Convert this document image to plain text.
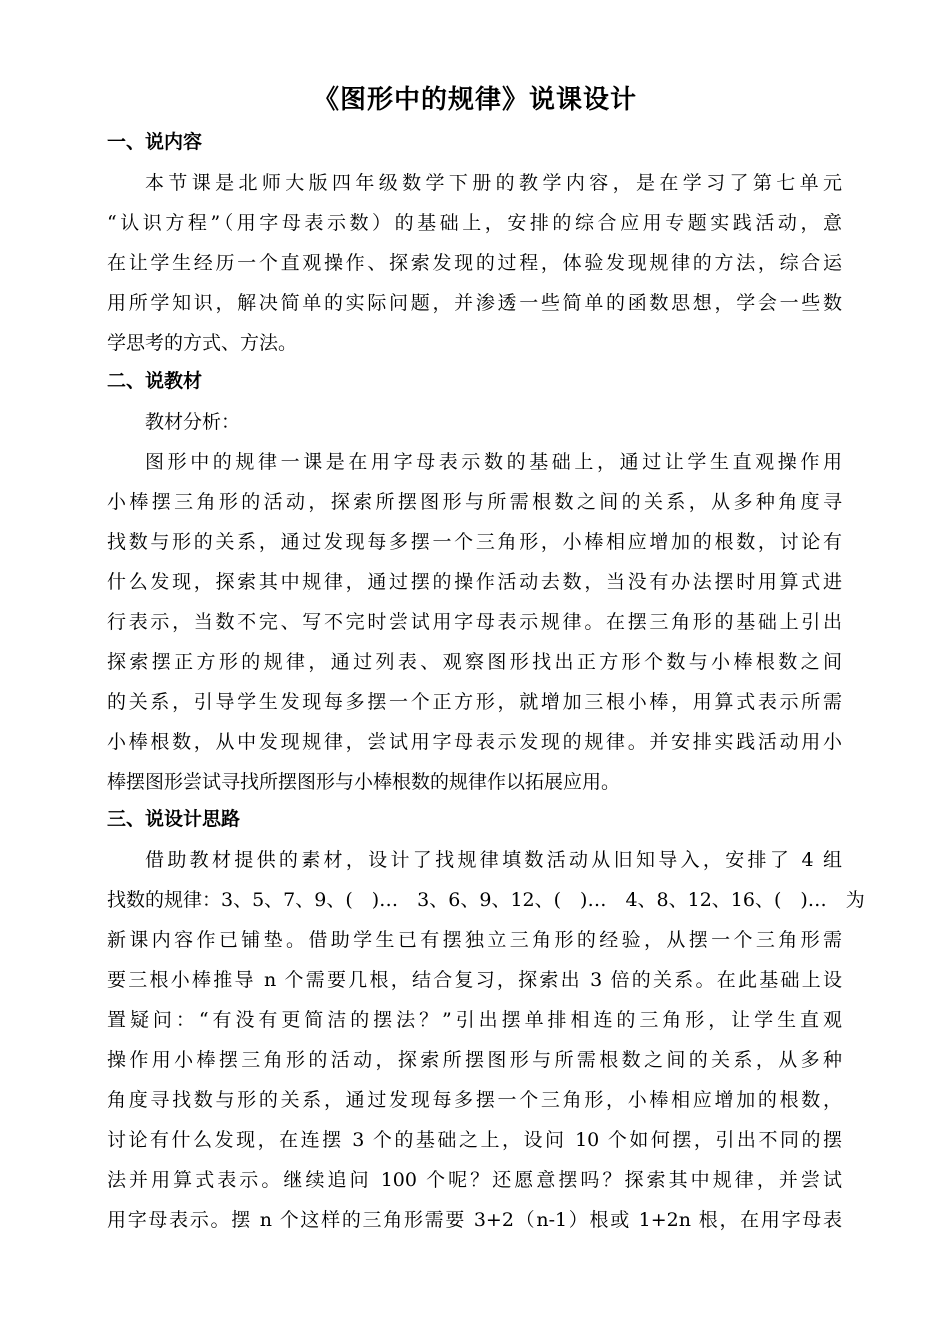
《图形中的规律》说课设计
一、说内容
本节课是北师大版四年级数学下册的教学内容，是在学习了第七单元
“认识方程”（用字母表示数）的基础上，安排的综合应用专题实践活动，意
在让学生经历一个直观操作、探索发现的过程，体验发现规律的方法，综合运
用所学知识，解决简单的实际问题，并渗透一些简单的函数思想，学会一些数
学思考的方式、方法。
二、说教材
教材分析：
图形中的规律一课是在用字母表示数的基础上，通过让学生直观操作用
小棒摆三角形的活动，探索所摆图形与所需根数之间的关系，从多种角度寻
找数与形的关系，通过发现每多摆一个三角形，小棒相应增加的根数，讨论有
什么发现，探索其中规律，通过摆的操作活动去数，当没有办法摆时用算式进
行表示，当数不完、写不完时尝试用字母表示规律。在摆三角形的基础上引出
探索摆正方形的规律，通过列表、观察图形找出正方形个数与小棒根数之间
的关系，引导学生发现每多摆一个正方形，就增加三根小棒，用算式表示所需
小棒根数，从中发现规律，尝试用字母表示发现的规律。并安排实践活动用小
棒摆图形尝试寻找所摆图形与小棒根数的规律作以拓展应用。
三、说设计思路
借助教材提供的素材，设计了找规律填数活动从旧知导入，安排了 4 组
找数的规律：3、5、7、9、(　)…　3、6、9、12、(　)…　4、8、12、16、(　)…　为
新课内容作已铺垫。借助学生已有摆独立三角形的经验，从摆一个三角形需
要三根小棒推导 n 个需要几根，结合复习，探索出 3 倍的关系。在此基础上设
置疑问：“有没有更简洁的摆法？”引出摆单排相连的三角形，让学生直观
操作用小棒摆三角形的活动，探索所摆图形与所需根数之间的关系，从多种
角度寻找数与形的关系，通过发现每多摆一个三角形，小棒相应增加的根数，
讨论有什么发现，在连摆 3 个的基础之上，设问 10 个如何摆，引出不同的摆
法并用算式表示。继续追问 100 个呢？还愿意摆吗？探索其中规律，并尝试
用字母表示。摆 n 个这样的三角形需要 3+2（n-1）根或 1+2n 根，在用字母表
